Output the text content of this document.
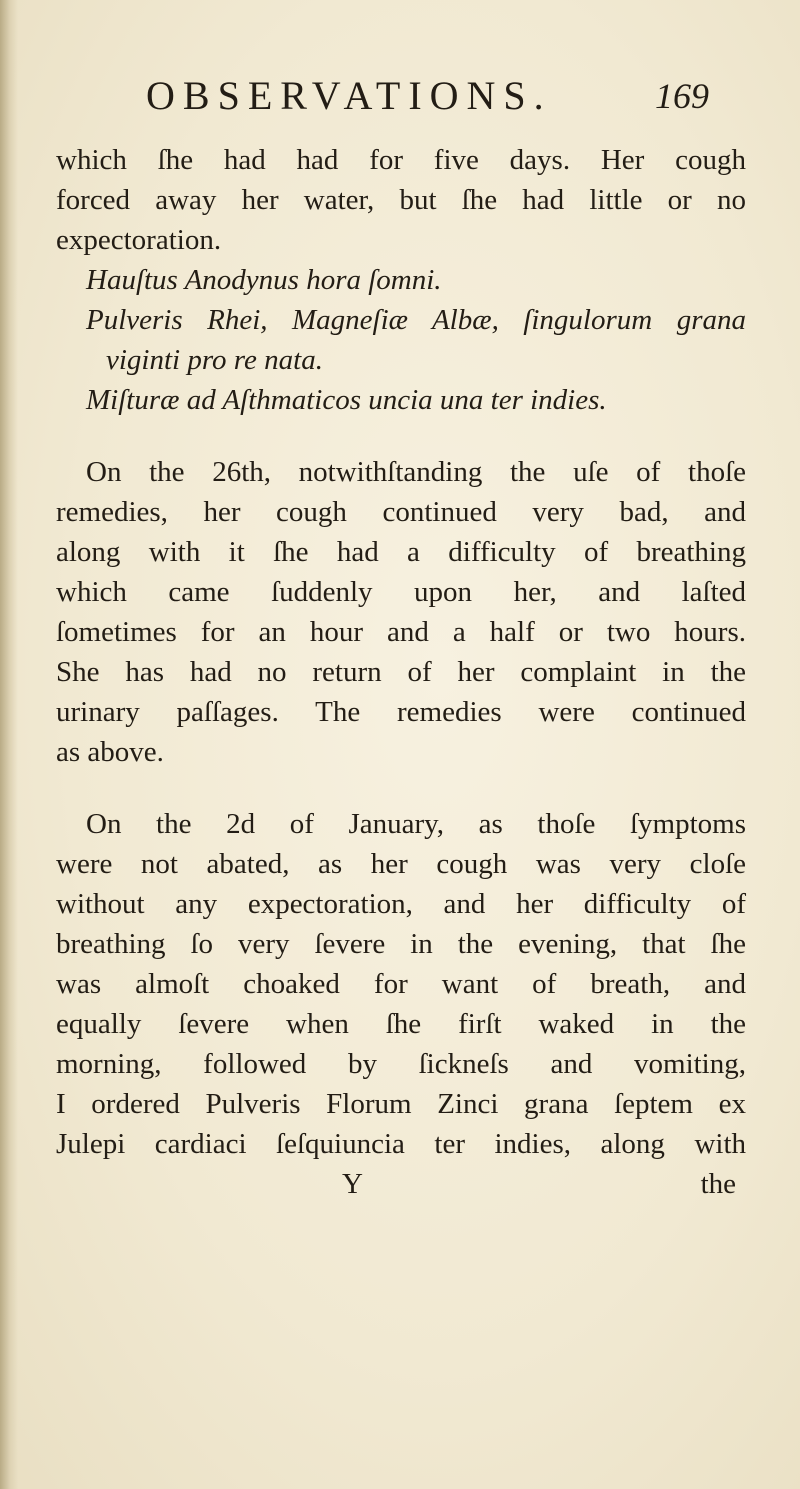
OBSERVATIONS.	169
which ſhe had had for five days. Her cough
forced away her water, but ſhe had little or no
expectoration.
Hauſtus Anodynus hora ſomni.
Pulveris Rhei, Magneſiæ Albæ, ſingulorum grana
viginti pro re nata.
Miſturæ ad Aſthmaticos uncia una ter indies.
On the 26th, notwithſtanding the uſe of thoſe
remedies, her cough continued very bad, and
along with it ſhe had a difficulty of breathing
which came ſuddenly upon her, and laſted
ſometimes for an hour and a half or two hours.
She has had no return of her complaint in the
urinary paſſages. The remedies were continued
as above.
On the 2d of January, as thoſe ſymptoms
were not abated, as her cough was very cloſe
without any expectoration, and her difficulty of
breathing ſo very ſevere in the evening, that ſhe
was almoſt choaked for want of breath, and
equally ſevere when ſhe firſt waked in the
morning, followed by ſickneſs and vomiting,
I ordered Pulveris Florum Zinci grana ſeptem ex
Julepi cardiaci ſeſquiuncia ter indies, along with
Y	the
